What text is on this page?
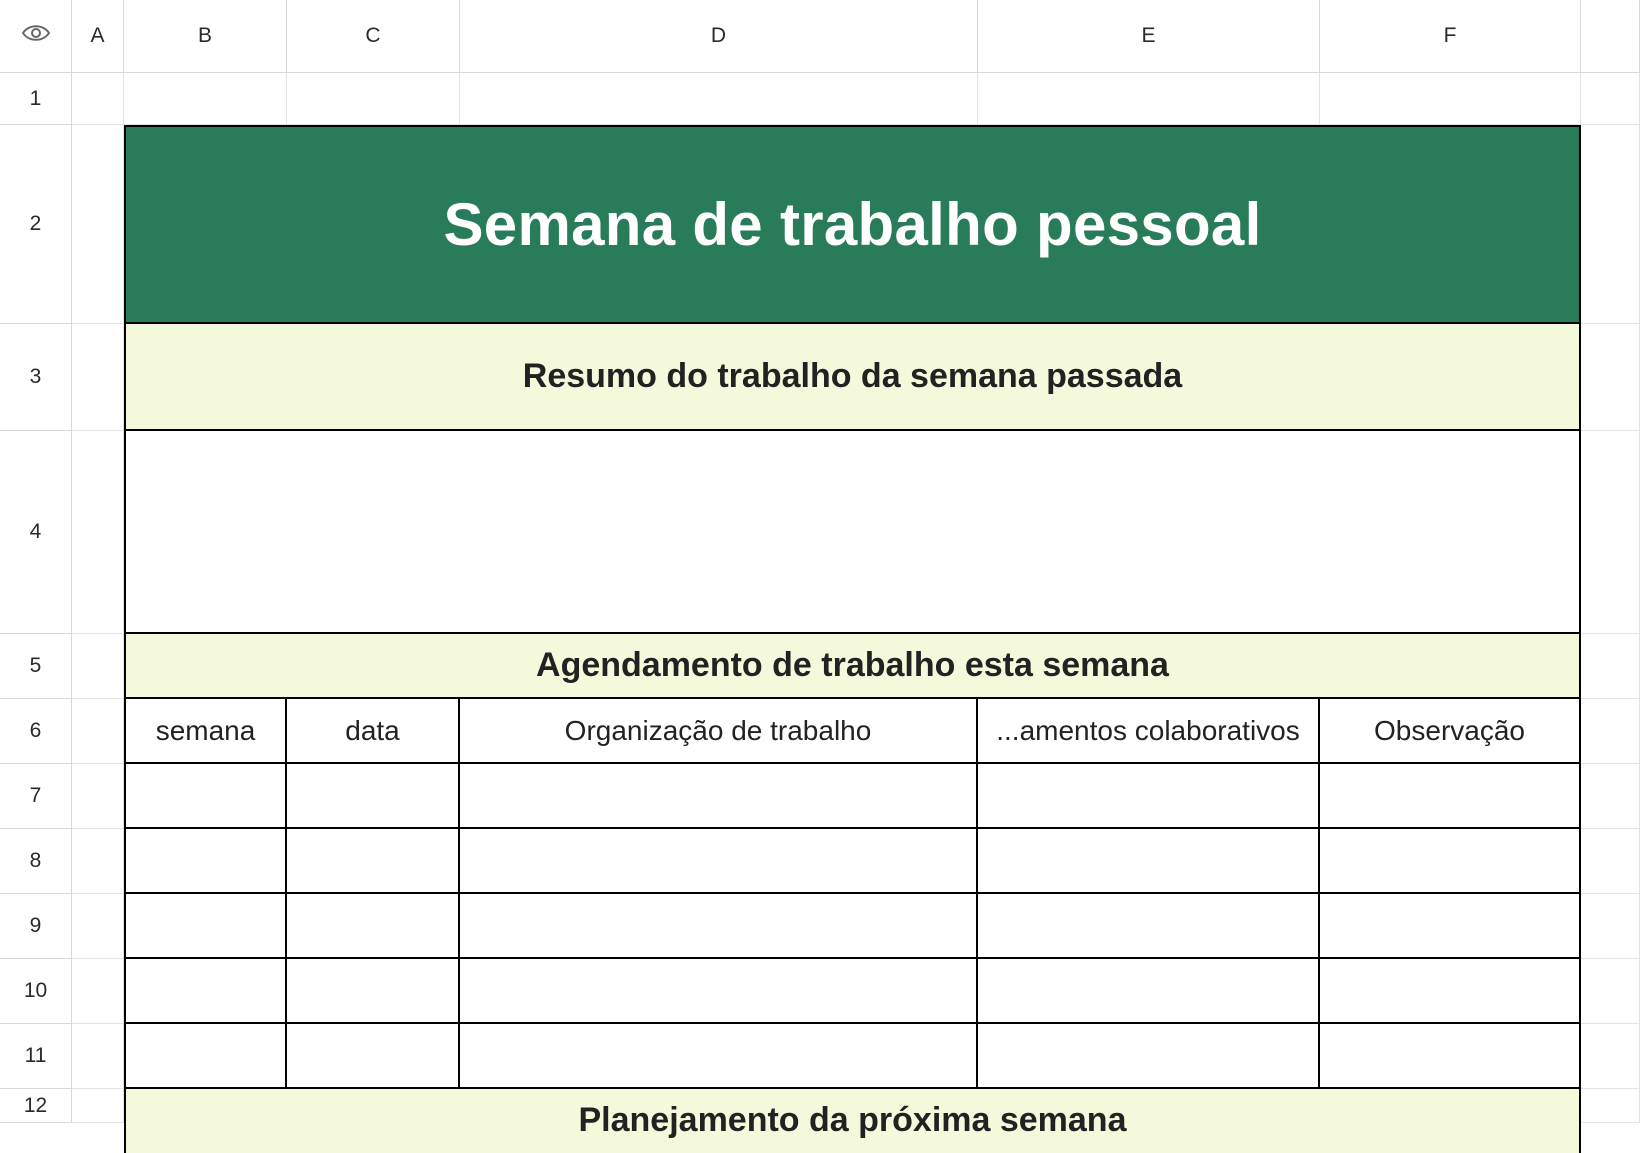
A	B	C	D	E	F
1
2
3
4
5
6
7
8
9
10
11
12
Semana de trabalho pessoal
Resumo do trabalho da semana passada
Agendamento de trabalho esta semana
semana	data	Organização de trabalho	...amentos colaborativos	Observação
Planejamento da próxima semana
